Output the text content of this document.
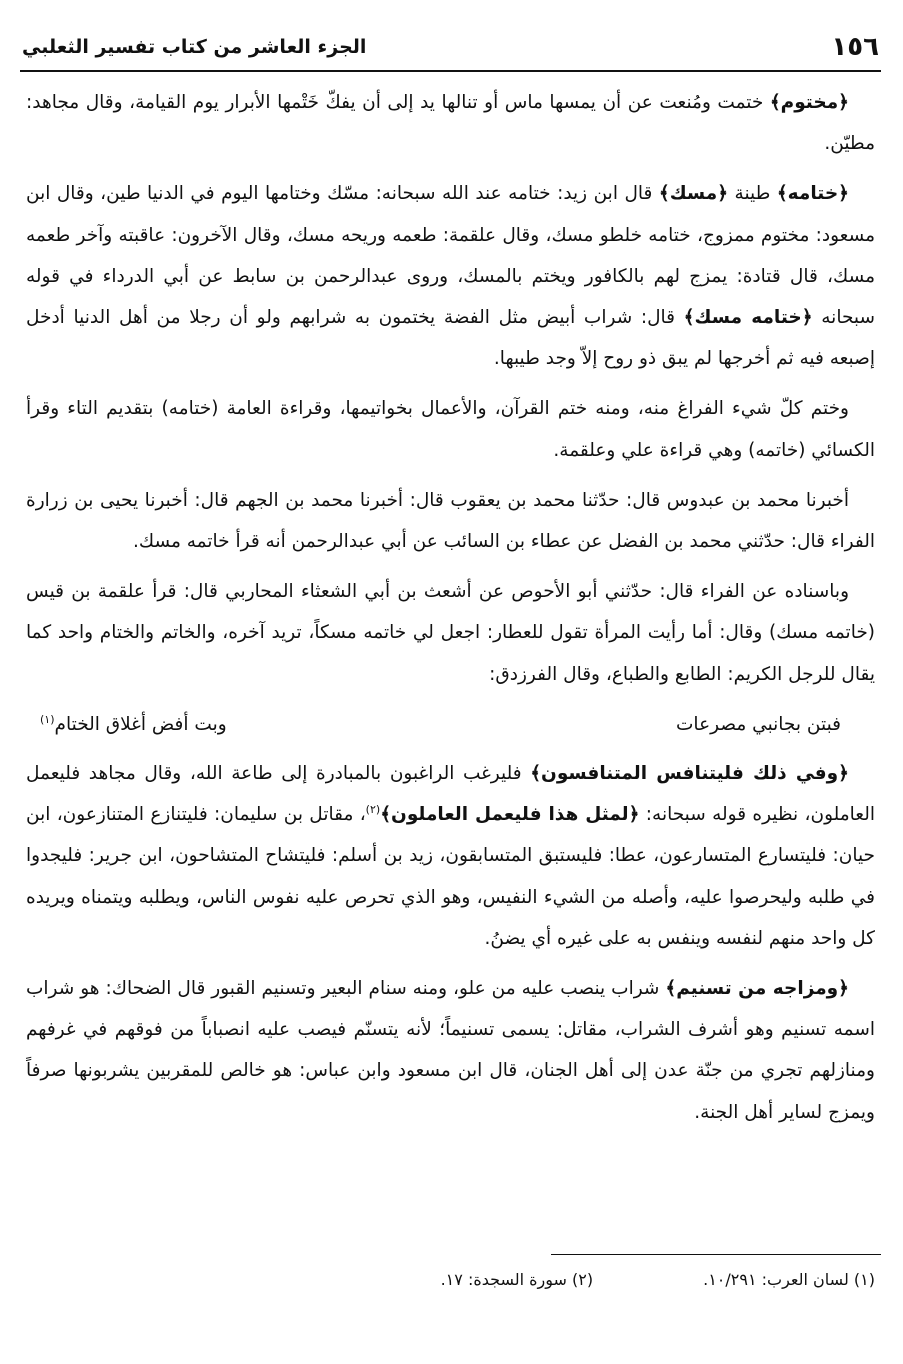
١٥٦
الجزء العاشر من كتاب تفسير الثعلبي

﴿مختوم﴾ ختمت ومُنعت عن أن يمسها ماس أو تنالها يد إلى أن يفكّ خَتْمها الأبرار يوم القيامة، وقال مجاهد: مطيّن.

﴿ختامه﴾ طينة ﴿مسك﴾ قال ابن زيد: ختامه عند الله سبحانه: مسّك وختامها اليوم في الدنيا طين، وقال ابن مسعود: مختوم ممزوج، ختامه خلطو مسك، وقال علقمة: طعمه وريحه مسك، وقال الآخرون: عاقبته وآخر طعمه مسك، قال قتادة: يمزج لهم بالكافور ويختم بالمسك، وروى عبدالرحمن بن سابط عن أبي الدرداء في قوله سبحانه ﴿ختامه مسك﴾ قال: شراب أبيض مثل الفضة يختمون به شرابهم ولو أن رجلا من أهل الدنيا أدخل إصبعه فيه ثم أخرجها لم يبق ذو روح إلاّ وجد طيبها.

وختم كلّ شيء الفراغ منه، ومنه ختم القرآن، والأعمال بخواتيمها، وقراءة العامة (ختامه) بتقديم التاء وقرأ الكسائي (خاتمه) وهي قراءة علي وعلقمة.

أخبرنا محمد بن عبدوس قال: حدّثنا محمد بن يعقوب قال: أخبرنا محمد بن الجهم قال: أخبرنا يحيى بن زرارة الفراء قال: حدّثني محمد بن الفضل عن عطاء بن السائب عن أبي عبدالرحمن أنه قرأ خاتمه مسك.

وباسناده عن الفراء قال: حدّثني أبو الأحوص عن أشعث بن أبي الشعثاء المحاربي قال: قرأ علقمة بن قيس (خاتمه مسك) وقال: أما رأيت المرأة تقول للعطار: اجعل لي خاتمه مسكاً، تريد آخره، والخاتم والختام واحد كما يقال للرجل الكريم: الطابع والطباع، وقال الفرزدق:

فبتن بجانبي مصرعات
وبت أفض أغلاق الختام$^{(١)}$

﴿وفي ذلك فليتنافس المتنافسون﴾ فليرغب الراغبون بالمبادرة إلى طاعة الله، وقال مجاهد فليعمل العاملون، نظيره قوله سبحانه: ﴿لمثل هذا فليعمل العاملون﴾$^{(٢)}$، مقاتل بن سليمان: فليتنازع المتنازعون، ابن حيان: فليتسارع المتسارعون، عطا: فليستبق المتسابقون، زيد بن أسلم: فليتشاح المتشاحون، ابن جرير: فليجدوا في طلبه وليحرصوا عليه، وأصله من الشيء النفيس، وهو الذي تحرص عليه نفوس الناس، ويطلبه ويتمناه ويريده كل واحد منهم لنفسه وينفس به على غيره أي يضنُ.

﴿ومزاجه من تسنيم﴾ شراب ينصب عليه من علو، ومنه سنام البعير وتسنيم القبور قال الضحاك: هو شراب اسمه تسنيم وهو أشرف الشراب، مقاتل: يسمى تسنيماً؛ لأنه يتسنّم فيصب عليه انصباباً من فوقهم في غرفهم ومنازلهم تجري من جنّة عدن إلى أهل الجنان، قال ابن مسعود وابن عباس: هو خالص للمقربين يشربونها صرفاً ويمزج لساير أهل الجنة.

(١) لسان العرب: ١٠/٢٩١.
(٢) سورة السجدة: ١٧.
